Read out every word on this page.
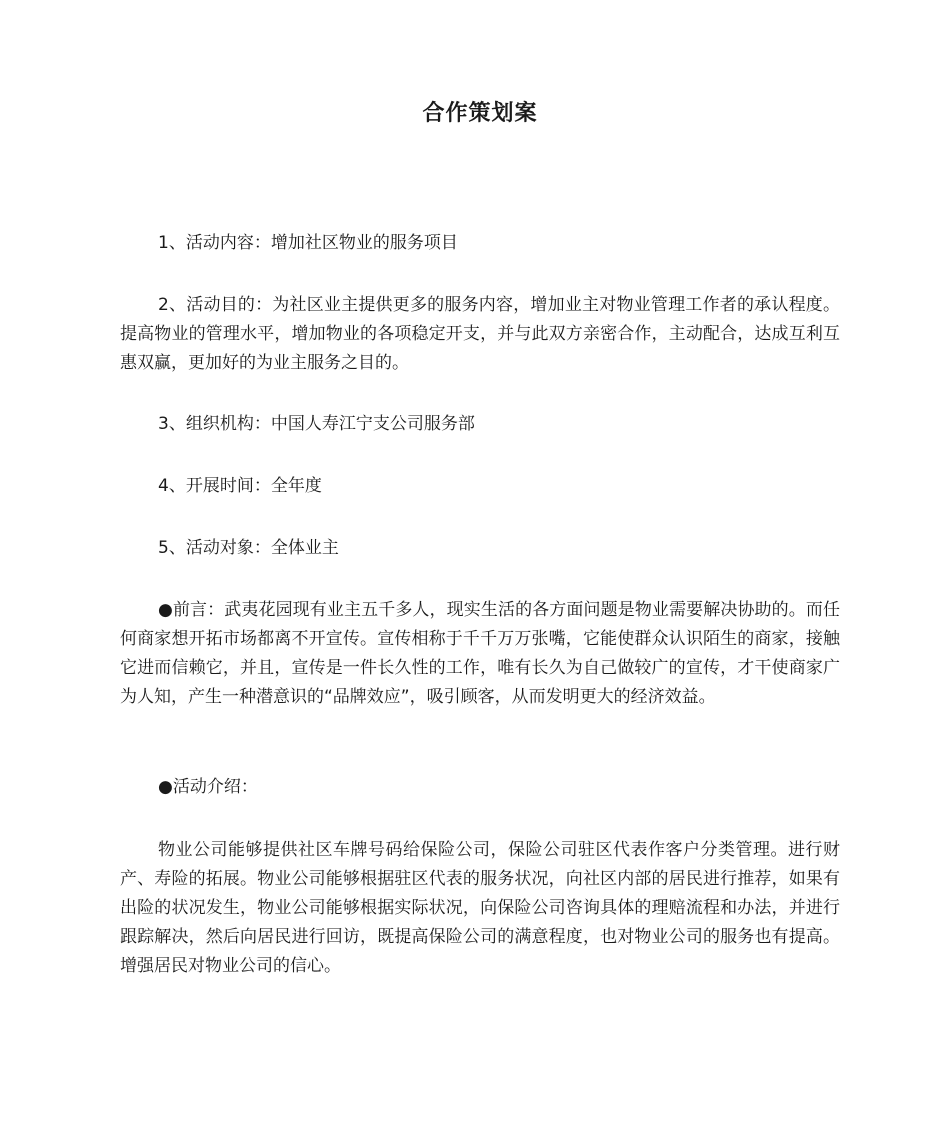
合作策划案

1、活动内容：增加社区物业的服务项目

2、活动目的：为社区业主提供更多的服务内容，增加业主对物业管理工作者的承认程度。提高物业的管理水平，增加物业的各项稳定开支，并与此双方亲密合作，主动配合，达成互利互惠双赢，更加好的为业主服务之目的。

3、组织机构：中国人寿江宁支公司服务部

4、开展时间：全年度

5、活动对象：全体业主

●前言：武夷花园现有业主五千多人，现实生活的各方面问题是物业需要解决协助的。而任何商家想开拓市场都离不开宣传。宣传相称于千千万万张嘴，它能使群众认识陌生的商家，接触它进而信赖它，并且，宣传是一件长久性的工作，唯有长久为自己做较广的宣传，才干使商家广为人知，产生一种潜意识的“品牌效应”，吸引顾客，从而发明更大的经济效益。

●活动介绍：

物业公司能够提供社区车牌号码给保险公司，保险公司驻区代表作客户分类管理。进行财产、寿险的拓展。物业公司能够根据驻区代表的服务状况，向社区内部的居民进行推荐，如果有出险的状况发生，物业公司能够根据实际状况，向保险公司咨询具体的理赔流程和办法，并进行跟踪解决，然后向居民进行回访，既提高保险公司的满意程度，也对物业公司的服务也有提高。增强居民对物业公司的信心。
